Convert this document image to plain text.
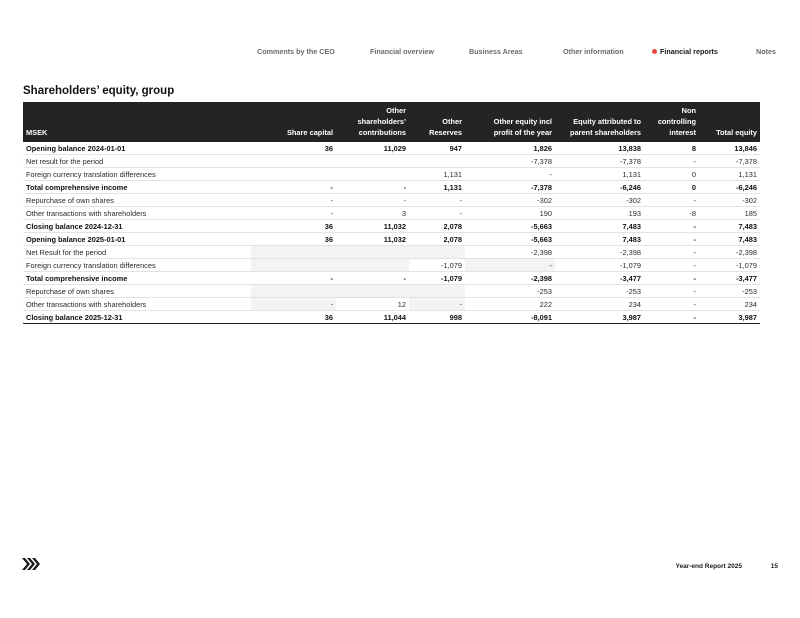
Comments by the CEO	Financial overview	Business Areas	Other information	Financial reports	Notes
Shareholders’ equity, group
MSEK	Share capital	Other shareholders’ contributions	Other Reserves	Other equity incl profit of the year	Equity attributed to parent shareholders	Non controlling interest	Total equity
Opening balance 2024-01-01	36	11,029	947	1,826	13,838	8	13,846
Net result for the period				-7,378	-7,378	-	-7,378
Foreign currency translation differences			1,131	-	1,131	0	1,131
Total comprehensive income	-	-	1,131	-7,378	-6,246	0	-6,246
Repurchase of own shares	-	-	-	-302	-302	-	-302
Other transactions with shareholders	-	3	-	190	193	-8	185
Closing balance 2024-12-31	36	11,032	2,078	-5,663	7,483	-	7,483
Opening balance 2025-01-01	36	11,032	2,078	-5,663	7,483	-	7,483
Net Result for the period				-2,398	-2,398	-	-2,398
Foreign currency translation differences			-1,079	-	-1,079	-	-1,079
Total comprehensive income	-	-	-1,079	-2,398	-3,477	-	-3,477
Repurchase of own shares				-253	-253	-	-253
Other transactions with shareholders	-	12	-	222	234	-	234
Closing balance 2025-12-31	36	11,044	998	-8,091	3,987	-	3,987
Year-end Report 2025	15
